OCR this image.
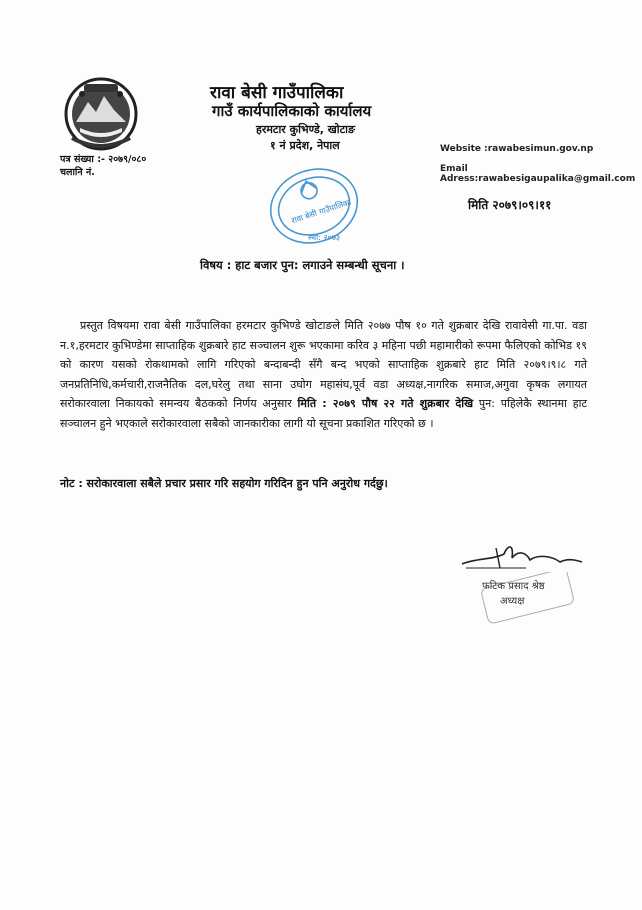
रावा बेसी गाउँपालिका
गाउँ कार्यपालिकाको कार्यालय
हरमटार कुभिण्डे, खोटाङ
१ नं प्रदेश, नेपाल
पत्र संख्या :- २०७९/०८०
चलानि नं.
Website :rawabesimun.gov.np
Email Adress:rawabesigaupalika@gmail.com
मिति २०७९।०९।११
रावा बेसी गाउँपालिका
स्था: २०७३
विषय : हाट बजार पुन: लगाउने सम्बन्धी सूचना ।

प्रस्तुत विषयमा रावा बेसी गाउँपालिका हरमटार कुभिण्डे खोटाङले मिति २०७७ पौष १० गते शुक्रबार देखि रावावेसी गा.पा. वडा न.१,हरमटार कुभिण्डेमा साप्ताहिक शुक्रबारे हाट सञ्चालन शुरू भएकामा करिव ३ महिना पछी महामारीको रूपमा फैलिएको कोभिड १९ को कारण यसको रोकथामको लागि गरिएको बन्दाबन्दी सँगै बन्द भएको साप्ताहिक शुक्रबारे हाट मिति २०७९।९।८ गते जनप्रतिनिधि,कर्मचारी,राजनैतिक दल,घरेलु तथा साना उघोग महासंघ,पूर्व वडा अध्यक्ष,नागरिक समाज,अगुवा कृषक लगायत सरोकारवाला निकायको समन्वय बैठकको निर्णय अनुसार मिति : २०७९ पौष २२ गते शुक्रबार देखि पुन: पहिलेकै स्थानमा हाट सञ्चालन हुने भएकाले सरोकारवाला सबैको जानकारीका लागी यो सूचना प्रकाशित गरिएको छ ।

नोट : सरोकारवाला सबैले प्रचार प्रसार गरि सहयोग गरिदिन हुन पनि अनुरोध गर्दछु।
फटिक प्रसाद श्रेष्ठ
अध्यक्ष
